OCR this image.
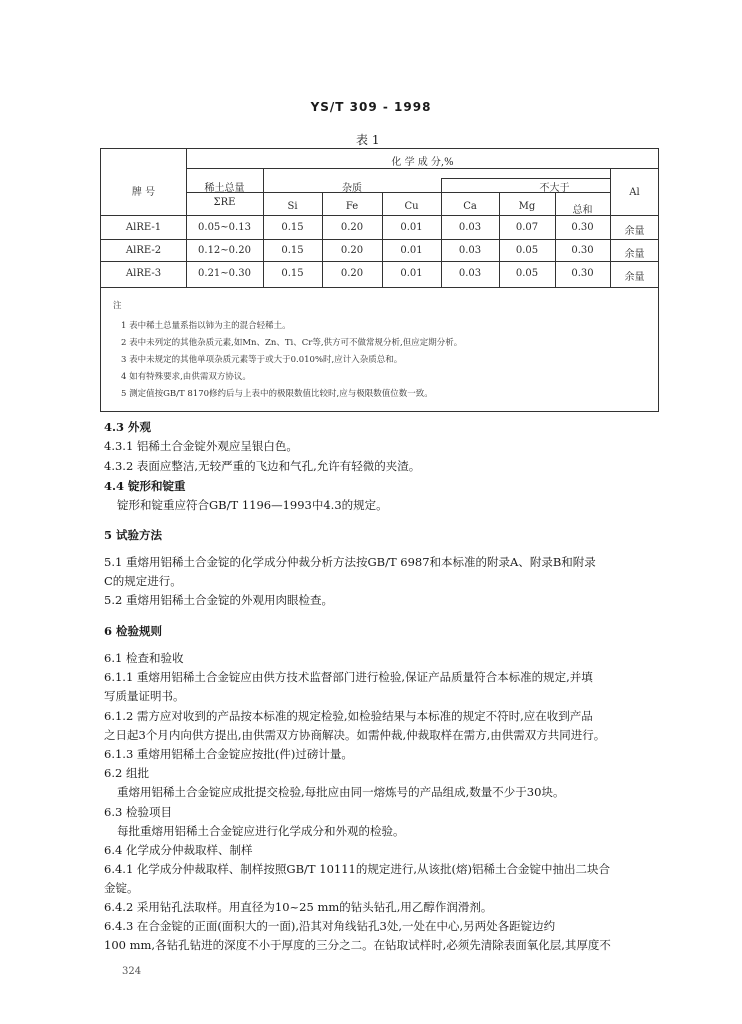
YS/T 309 - 1998
表 1
牌 号
化 学 成 分,%
稀土总量
ΣRE
杂质	不大于	Al
Si	Fe	Cu	Ca	Mg	总和
AlRE-1	0.05~0.13	0.15	0.20	0.01	0.03	0.07	0.30	余量
AlRE-2	0.12~0.20	0.15	0.20	0.01	0.03	0.05	0.30	余量
AlRE-3	0.21~0.30	0.15	0.20	0.01	0.03	0.05	0.30	余量
注
1 表中稀土总量系指以铈为主的混合轻稀土。
2 表中未列定的其他杂质元素,如Mn、Zn、Ti、Cr等,供方可不做常规分析,但应定期分析。
3 表中未规定的其他单项杂质元素等于或大于0.010%时,应计入杂质总和。
4 如有特殊要求,由供需双方协议。
5 测定值按GB/T 8170修约后与上表中的极限数值比较时,应与极限数值位数一致。
4.3 外观
4.3.1 铝稀土合金锭外观应呈银白色。
4.3.2 表面应整洁,无较严重的飞边和气孔,允许有轻微的夹渣。
4.4 锭形和锭重
锭形和锭重应符合GB/T 1196—1993中4.3的规定。
5 试验方法
5.1 重熔用铝稀土合金锭的化学成分仲裁分析方法按GB/T 6987和本标准的附录A、附录B和附录
C的规定进行。
5.2 重熔用铝稀土合金锭的外观用肉眼检查。
6 检验规则
6.1 检查和验收
6.1.1 重熔用铝稀土合金锭应由供方技术监督部门进行检验,保证产品质量符合本标准的规定,并填
写质量证明书。
6.1.2 需方应对收到的产品按本标准的规定检验,如检验结果与本标准的规定不符时,应在收到产品
之日起3个月内向供方提出,由供需双方协商解决。如需仲裁,仲裁取样在需方,由供需双方共同进行。
6.1.3 重熔用铝稀土合金锭应按批(件)过磅计量。
6.2 组批
重熔用铝稀土合金锭应成批提交检验,每批应由同一熔炼号的产品组成,数量不少于30块。
6.3 检验项目
每批重熔用铝稀土合金锭应进行化学成分和外观的检验。
6.4 化学成分仲裁取样、制样
6.4.1 化学成分仲裁取样、制样按照GB/T 10111的规定进行,从该批(熔)铝稀土合金锭中抽出二块合
金锭。
6.4.2 采用钻孔法取样。用直径为10~25 mm的钻头钻孔,用乙醇作润滑剂。
6.4.3 在合金锭的正面(面积大的一面),沿其对角线钻孔3处,一处在中心,另两处各距锭边约
100 mm,各钻孔钻进的深度不小于厚度的三分之二。在钻取试样时,必须先清除表面氧化层,其厚度不
324
